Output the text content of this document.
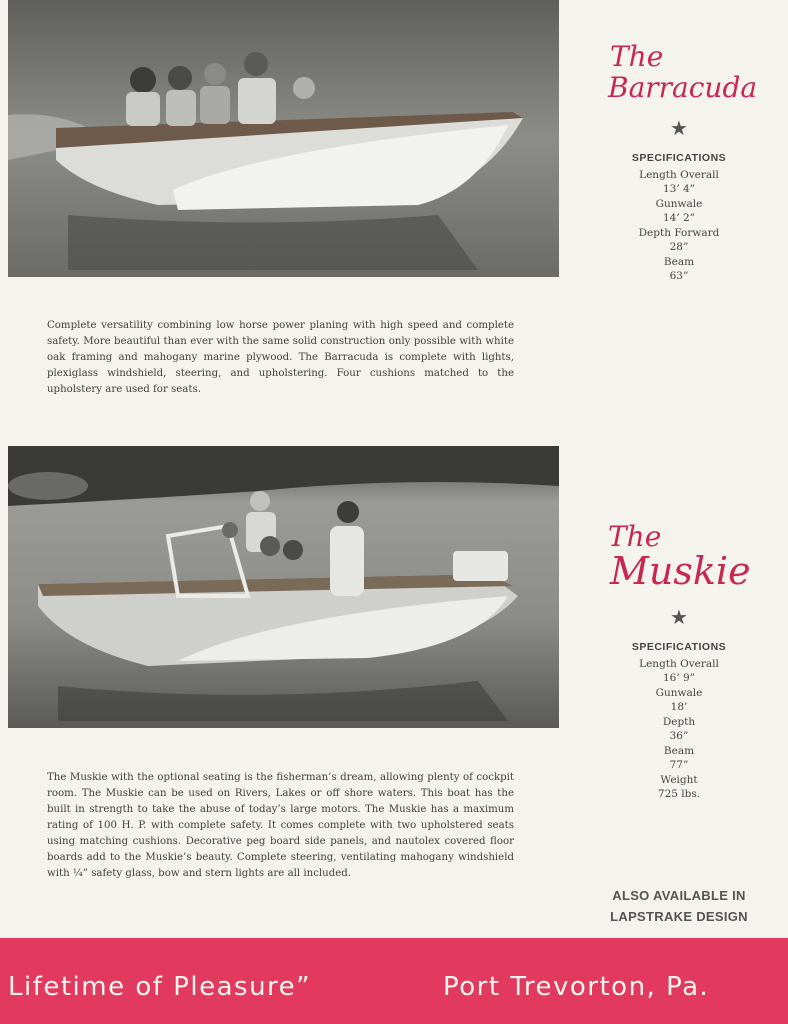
Complete versatility combining low horse power planing with high speed and complete safety. More beautiful than ever with the same solid construction only possible with white oak framing and mahogany marine plywood. The Barracuda is complete with lights, plexiglass windshield, steering, and upholstering. Four cushions matched to the upholstery are used for seats.
The
Barracuda
★
SPECIFICATIONS
Length Overall
13’ 4”
Gunwale
14’ 2”
Depth Forward
28”
Beam
63”
The Muskie with the optional seating is the fisherman’s dream, allowing plenty of cockpit room. The Muskie can be used on Rivers, Lakes or off shore waters. This boat has the built in strength to take the abuse of today’s large motors. The Muskie has a maximum rating of 100 H. P. with complete safety. It comes complete with two upholstered seats using matching cushions. Decorative peg board side panels, and nautolex covered floor boards add to the Muskie’s beauty. Complete steering, ventilating mahogany windshield with ¼” safety glass, bow and stern lights are all included.
The
Muskie
★
SPECIFICATIONS
Length Overall
16’ 9”
Gunwale
18’
Depth
36”
Beam
77”
Weight
725 lbs.
ALSO AVAILABLE IN
LAPSTRAKE DESIGN
Lifetime of Pleasure”	Port Trevorton, Pa.
